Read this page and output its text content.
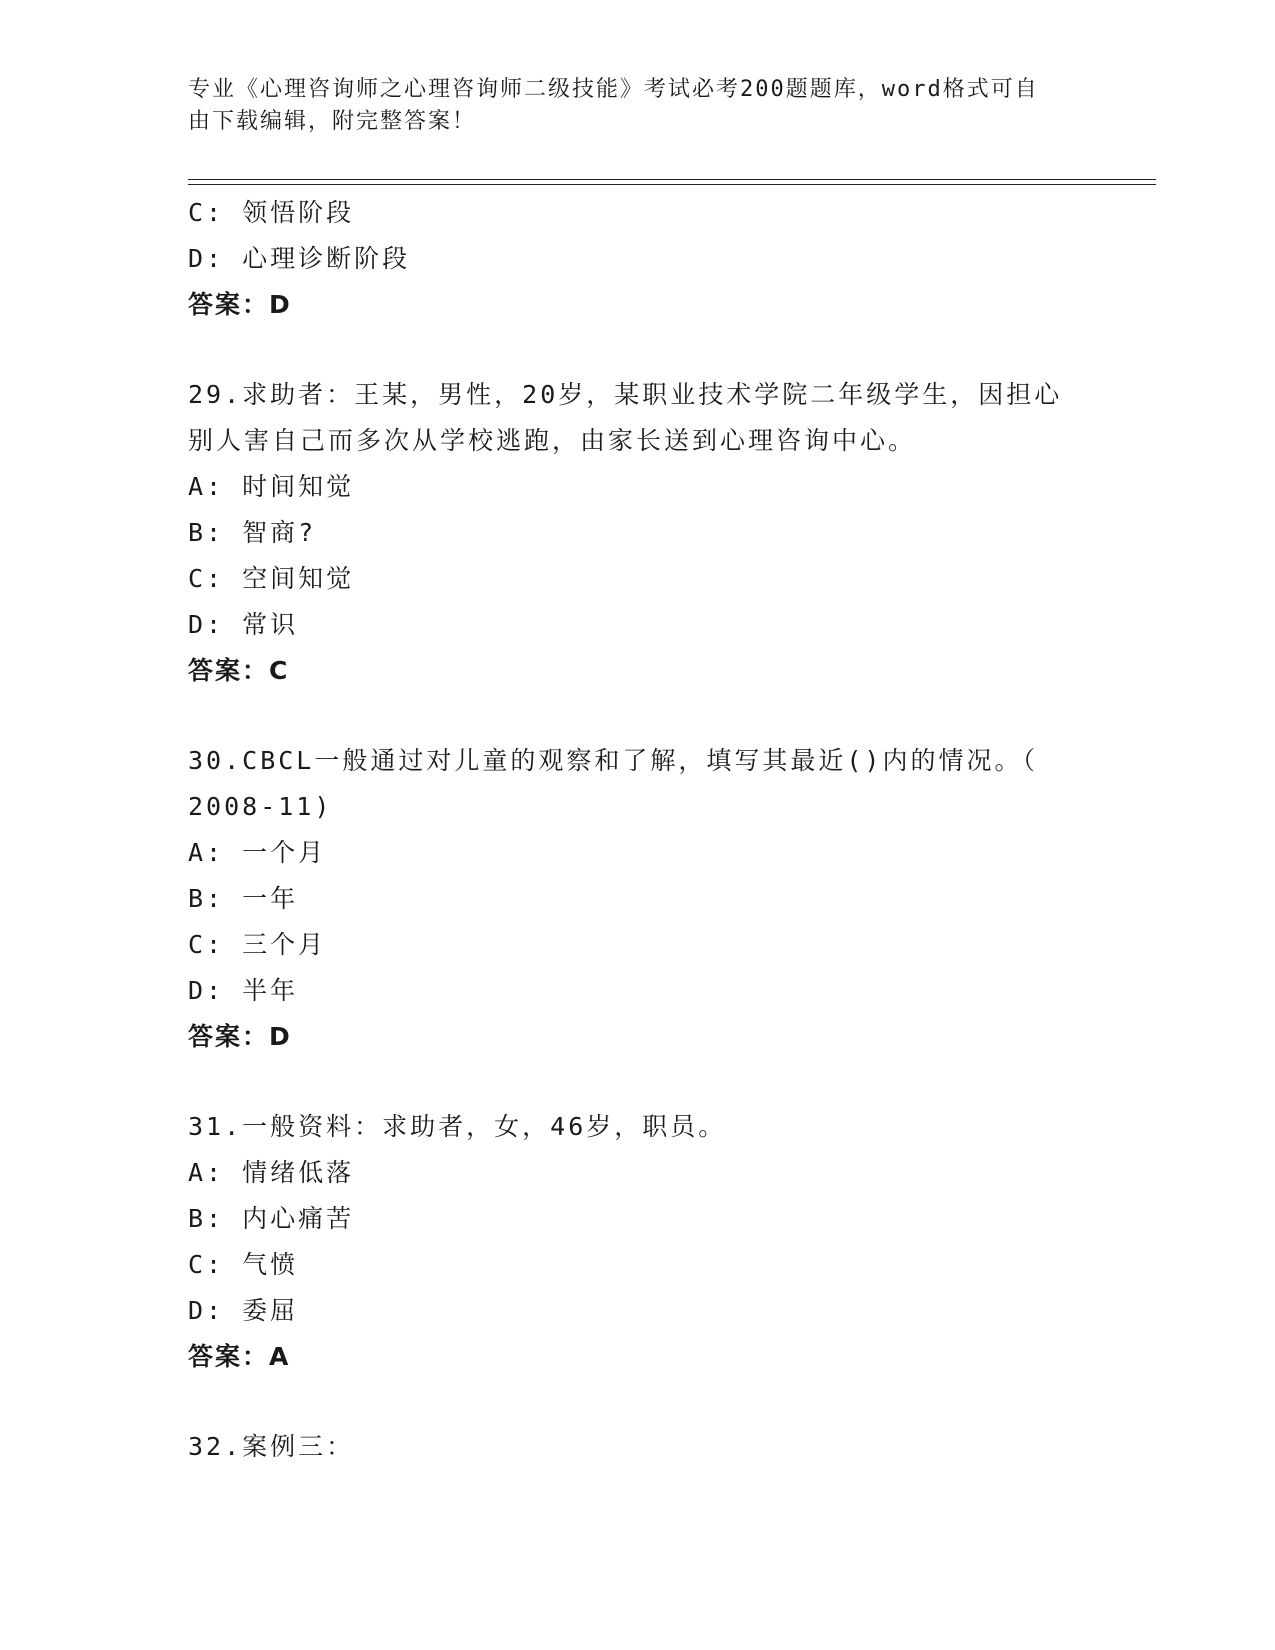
专业《心理咨询师之心理咨询师二级技能》考试必考200题题库，word格式可自
由下载编辑，附完整答案！
C: 领悟阶段
D: 心理诊断阶段
答案：D
29.求助者：王某，男性，20岁，某职业技术学院二年级学生，因担心
别人害自己而多次从学校逃跑，由家长送到心理咨询中心。
A: 时间知觉
B: 智商?
C: 空间知觉
D: 常识
答案：C
30.CBCL一般通过对儿童的观察和了解，填写其最近()内的情况。（
2008-11)
A: 一个月
B: 一年
C: 三个月
D: 半年
答案：D
31.一般资料：求助者，女，46岁，职员。
A: 情绪低落
B: 内心痛苦
C: 气愤
D: 委屈
答案：A
32.案例三：
